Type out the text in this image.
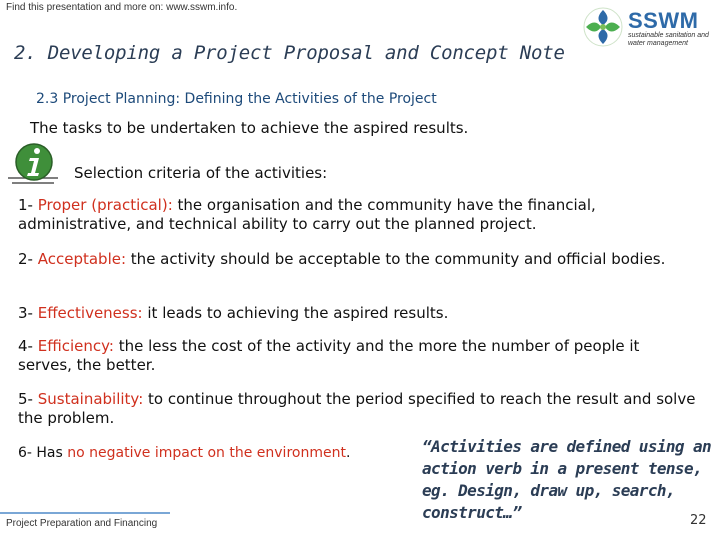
Find this presentation and more on: www.sswm.info.
SSWM
sustainable sanitation and water management
2. Developing a Project Proposal and Concept Note
2.3 Project Planning: Defining the Activities of the Project
The tasks to be undertaken to achieve the aspired results.
Selection criteria of the activities:
1- Proper (practical): the organisation and the community have the financial, administrative, and technical ability to carry out the planned project.
2- Acceptable: the activity should be acceptable to the community and official bodies.
3- Effectiveness: it leads to achieving the aspired results.
4- Efficiency: the less the cost of the activity and the more the number of people it serves, the better.
5- Sustainability: to continue throughout the period specified to reach the result and solve the problem.
6- Has no negative impact on the environment.	“Activities are defined using an action verb in a present tense, eg. Design, draw up, search, construct…”
Project Preparation and Financing	22
